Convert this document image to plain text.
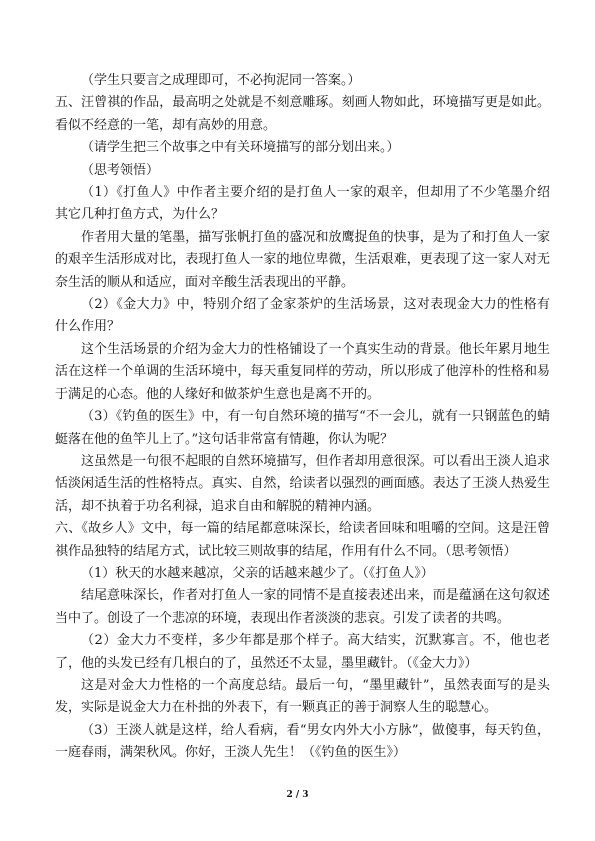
（学生只要言之成理即可，不必拘泥同一答案。）

五、汪曾祺的作品，最高明之处就是不刻意雕琢。刻画人物如此，环境描写更是如此。看似不经意的一笔，却有高妙的用意。

（请学生把三个故事之中有关环境描写的部分划出来。）

（思考领悟）

（1）《打鱼人》中作者主要介绍的是打鱼人一家的艰辛，但却用了不少笔墨介绍其它几种打鱼方式，为什么？

作者用大量的笔墨，描写张帆打鱼的盛况和放鹰捉鱼的快事，是为了和打鱼人一家的艰辛生活形成对比，表现打鱼人一家的地位卑微，生活艰难，更表现了这一家人对无奈生活的顺从和适应，面对辛酸生活表现出的平静。

（2）《金大力》中，特别介绍了金家茶炉的生活场景，这对表现金大力的性格有什么作用？

这个生活场景的介绍为金大力的性格铺设了一个真实生动的背景。他长年累月地生活在这样一个单调的生活环境中，每天重复同样的劳动，所以形成了他淳朴的性格和易于满足的心态。他的人缘好和做茶炉生意也是离不开的。

（3）《钓鱼的医生》中，有一句自然环境的描写“不一会儿，就有一只钢蓝色的蜻蜓落在他的鱼竿儿上了。”这句话非常富有情趣，你认为呢？

这虽然是一句很不起眼的自然环境描写，但作者却用意很深。可以看出王淡人追求恬淡闲适生活的性格特点。真实、自然，给读者以强烈的画面感。表达了王淡人热爱生活，却不执着于功名利禄，追求自由和解脱的精神内涵。

六、《故乡人》文中，每一篇的结尾都意味深长，给读者回味和咀嚼的空间。这是汪曾祺作品独特的结尾方式，试比较三则故事的结尾，作用有什么不同。（思考领悟）

（1）秋天的水越来越凉，父亲的话越来越少了。（《打鱼人》）

结尾意味深长，作者对打鱼人一家的同情不是直接表述出来，而是蕴涵在这句叙述当中了。创设了一个悲凉的环境，表现出作者淡淡的悲哀。引发了读者的共鸣。

（2）金大力不变样，多少年都是那个样子。高大结实，沉默寡言。不，他也老了，他的头发已经有几根白的了，虽然还不太显，墨里藏针。（《金大力》）

这是对金大力性格的一个高度总结。最后一句，“墨里藏针”，虽然表面写的是头发，实际是说金大力在朴拙的外表下，有一颗真正的善于洞察人生的聪慧心。

（3）王淡人就是这样，给人看病，看“男女内外大小方脉”，做傻事，每天钓鱼，一庭春雨，满架秋风。你好，王淡人先生！（《钓鱼的医生》）

2 / 3
